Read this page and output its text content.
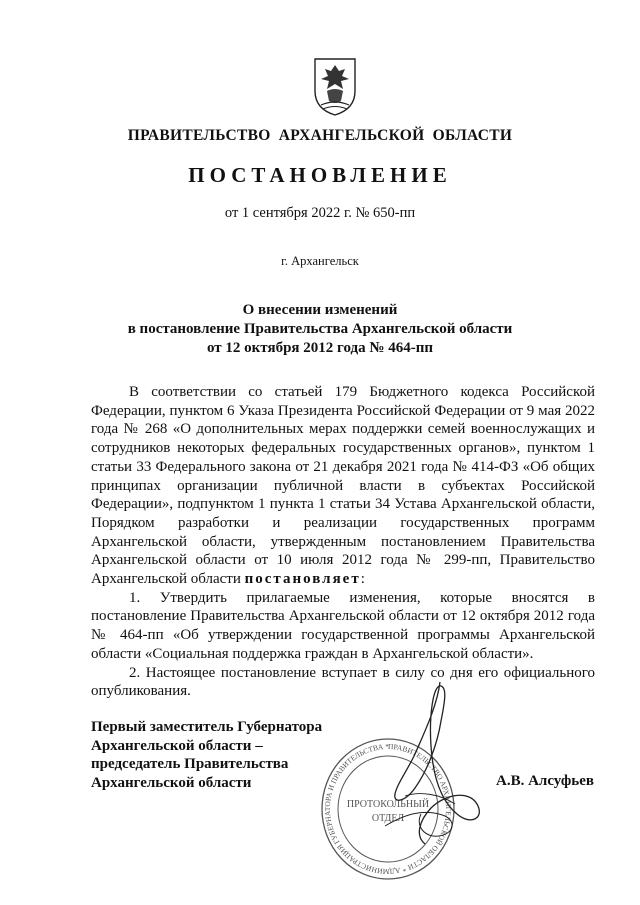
ПРАВИТЕЛЬСТВО АРХАНГЕЛЬСКОЙ ОБЛАСТИ
ПОСТАНОВЛЕНИЕ
от 1 сентября 2022 г. № 650-пп
г. Архангельск
О внесении изменений
в постановление Правительства Архангельской области
от 12 октября 2012 года № 464-пп

В соответствии со статьей 179 Бюджетного кодекса Российской Федерации, пунктом 6 Указа Президента Российской Федерации от 9 мая 2022 года № 268 «О дополнительных мерах поддержки семей военнослужащих и сотрудников некоторых федеральных государственных органов», пунктом 1 статьи 33 Федерального закона от 21 декабря 2021 года № 414-ФЗ «Об общих принципах организации публичной власти в субъектах Российской Федерации», подпунктом 1 пункта 1 статьи 34 Устава Архангельской области, Порядком разработки и реализации государственных программ Архангельской области, утвержденным постановлением Правительства Архангельской области от 10 июля 2012 года № 299-пп, Правительство Архангельской области постановляет:

1. Утвердить прилагаемые изменения, которые вносятся в постановление Правительства Архангельской области от 12 октября 2012 года № 464-пп «Об утверждении государственной программы Архангельской области «Социальная поддержка граждан в Архангельской области».

2. Настоящее постановление вступает в силу со дня его официального опубликования.

Первый заместитель Губернатора
Архангельской области –
председатель Правительства
Архангельской области	А.В. Алсуфьев
ПРАВИТЕЛЬСТВО АРХАНГЕЛЬСКОЙ ОБЛАСТИ * АДМИНИСТРАЦИЯ ГУБЕРНАТОРА И ПРАВИТЕЛЬСТВА *
ПРОТОКОЛЬНЫЙ
ОТДЕЛ
